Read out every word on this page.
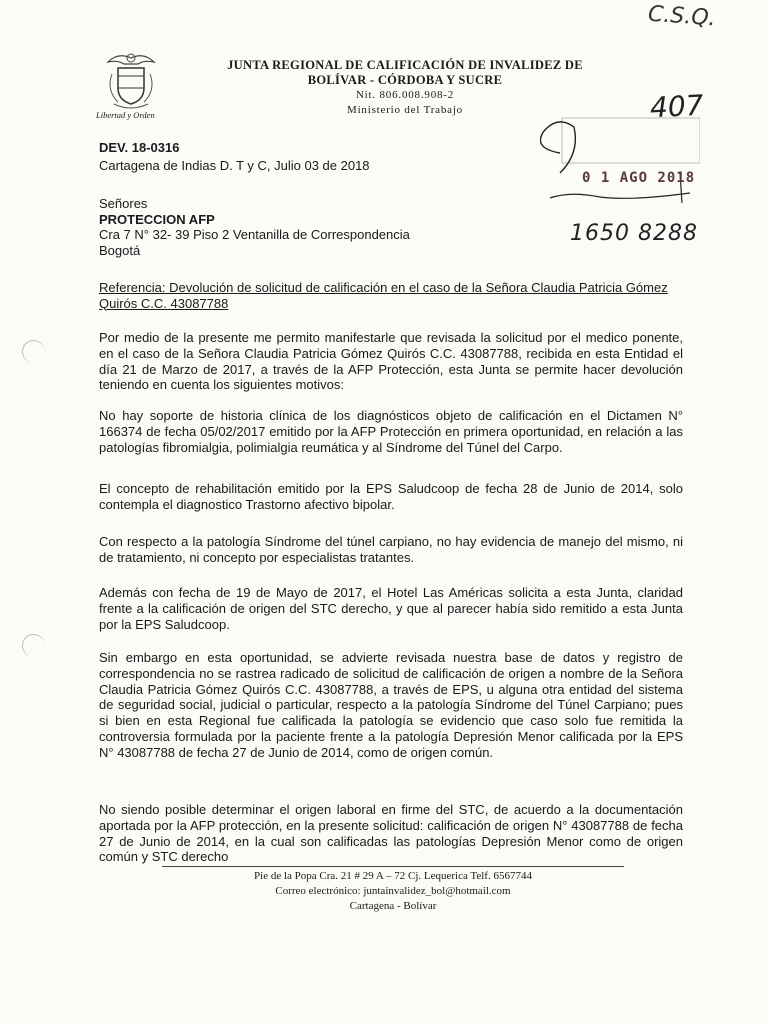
Libertad y Orden
JUNTA REGIONAL DE CALIFICACIÓN DE INVALIDEZ DE
BOLÍVAR - CÓRDOBA Y SUCRE
Nit. 806.008.908-2
Ministerio del Trabajo
C.S.Q.
407
0 1 AGO 2018
1650 8288
DEV. 18-0316
Cartagena de Indias D. T y C, Julio 03 de 2018
Señores
PROTECCION AFP
Cra 7 N° 32- 39 Piso 2 Ventanilla de Correspondencia
Bogotá
Referencia: Devolución de solicitud de calificación en el caso de la Señora Claudia Patricia Gómez Quirós C.C. 43087788
Por medio de la presente me permito manifestarle que revisada la solicitud por el medico ponente, en el caso de la Señora Claudia Patricia Gómez Quirós C.C. 43087788, recibida en esta Entidad el día 21 de Marzo de 2017, a través de la AFP Protección, esta Junta se permite hacer devolución teniendo en cuenta los siguientes motivos:
No hay soporte de historia clínica de los diagnósticos objeto de calificación en el Dictamen N° 166374 de fecha 05/02/2017 emitido por la AFP Protección en primera oportunidad, en relación a las patologías fibromialgia, polimialgia reumática y al Síndrome del Túnel del Carpo.
El concepto de rehabilitación emitido por la EPS Saludcoop de fecha 28 de Junio de 2014, solo contempla el diagnostico Trastorno afectivo bipolar.
Con respecto a la patología Síndrome del túnel carpiano, no hay evidencia de manejo del mismo, ni de tratamiento, ni concepto por especialistas tratantes.
Además con fecha de 19 de Mayo de 2017, el Hotel Las Américas solicita a esta Junta, claridad frente a la calificación de origen del STC derecho, y que al parecer había sido remitido a esta Junta por la EPS Saludcoop.
Sin embargo en esta oportunidad, se advierte revisada nuestra base de datos y registro de correspondencia no se rastrea radicado de solicitud de calificación de origen a nombre de la Señora Claudia Patricia Gómez Quirós C.C. 43087788, a través de EPS, u alguna otra entidad del sistema de seguridad social, judicial o particular, respecto a la patología Síndrome del Túnel Carpiano; pues si bien en esta Regional fue calificada la patología se evidencio que caso solo fue remitida la controversia formulada por la paciente frente a la patología Depresión Menor calificada por la EPS N° 43087788 de fecha 27 de Junio de 2014, como de origen común.
No siendo posible determinar el origen laboral en firme del STC, de acuerdo a la documentación aportada por la AFP protección, en la presente solicitud: calificación de origen N° 43087788 de fecha 27 de Junio de 2014, en la cual son calificadas las patologías Depresión Menor como de origen común y STC derecho
Pie de la Popa Cra. 21 # 29 A – 72 Cj. Lequerica Telf. 6567744
Correo electrónico: juntainvalidez_bol@hotmail.com
Cartagena - Bolívar
